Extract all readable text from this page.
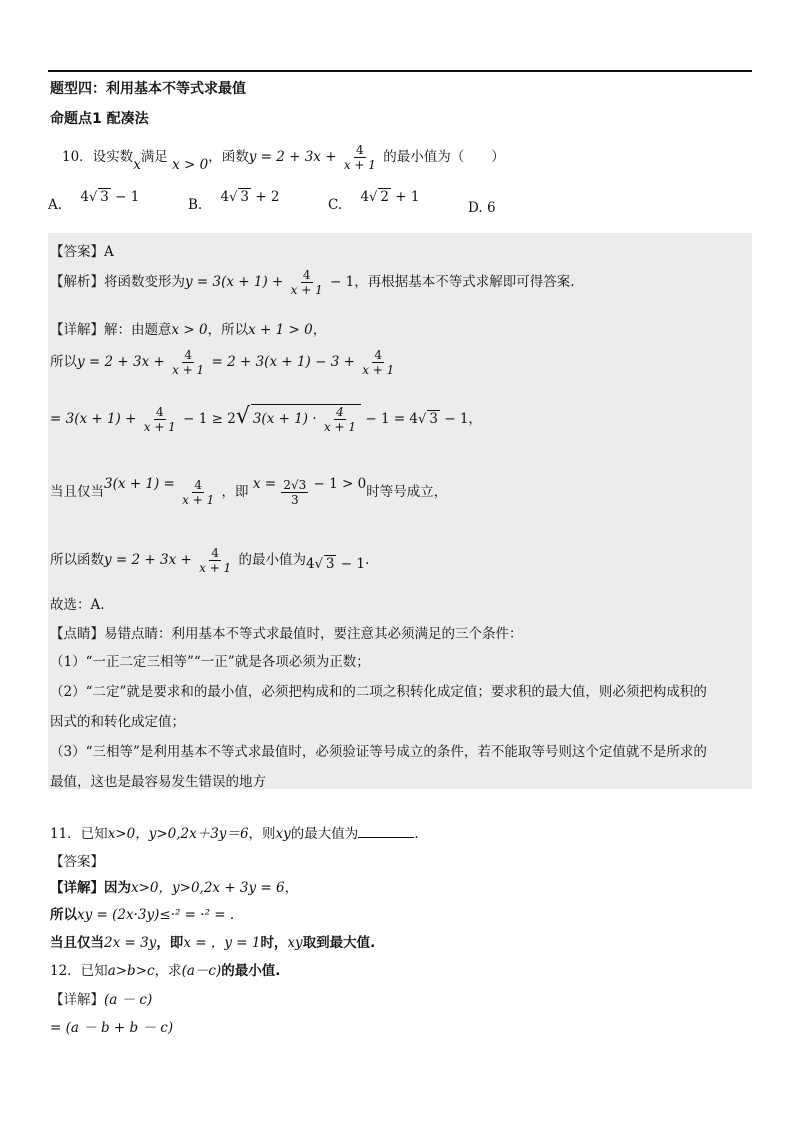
题型四：利用基本不等式求最值
命题点1 配凑法
10．设实数x满足 x > 0，函数$y = 2 + 3x + \frac{4}{x + 1}$ 的最小值为（　　）
A. 4√ 3 − 1	B. 4√ 3 + 2	C. 4√ 2 + 1
D. 6
【答案】A
【解析】将函数变形为$y = 3(x + 1) + \frac{4}{x + 1} - 1$，再根据基本不等式求解即可得答案.
【详解】解：由题意x > 0，所以x + 1 > 0，
所以$y = 2 + 3x + \frac{4}{x + 1} = 2 + 3(x + 1) - 3 + \frac{4}{x + 1}$
= $3(x + 1) + \frac{4}{x + 1} - 1 \ge 2√$ $3(x + 1) \cdot \frac{4}{x + 1} - 1 = 4√$ 3 − 1，
当且仅当$3(x + 1) = \frac{4}{x + 1}$ ，即 $x = \frac{2√3}{3} - 1 > 0$时等号成立，
所以函数$y = 2 + 3x + \frac{4}{x + 1}$ 的最小值为4√ 3 − 1.
故选：A.
【点睛】易错点睛：利用基本不等式求最值时，要注意其必须满足的三个条件：
（1）“一正二定三相等”“一正”就是各项必须为正数；
（2）“二定”就是要求和的最小值，必须把构成和的二项之积转化成定值；要求积的最大值，则必须把构成积的
因式的和转化成定值；
（3）“三相等”是利用基本不等式求最值时，必须验证等号成立的条件，若不能取等号则这个定值就不是所求的
最值，这也是最容易发生错误的地方
11．已知x>0，y>0,2x＋3y＝6，则xy的最大值为	.
【答案】
【详解】因为x>0，y>0,2x + 3y = 6，
所以xy = (2x·3y)≤·² = ·² = .
当且仅当2x = 3y，即x = ，y = 1时，xy取到最大值.
12．已知a>b>c，求(a－c)的最小值.
【详解】(a － c)
= (a － b + b － c)
